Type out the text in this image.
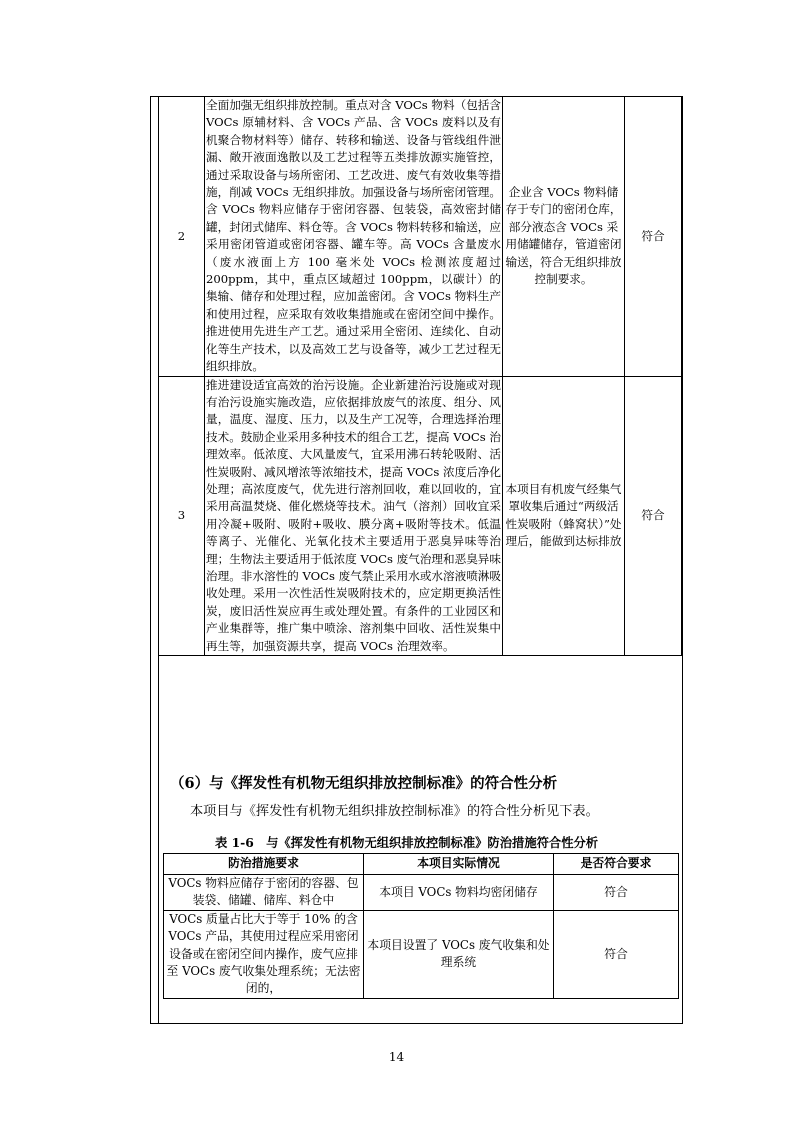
2	全面加强无组织排放控制。重点对含 VOCs 物料（包括含 VOCs 原辅材料、含 VOCs 产品、含 VOCs 废料以及有机聚合物材料等）储存、转移和输送、设备与管线组件泄漏、敞开液面逸散以及工艺过程等五类排放源实施管控，通过采取设备与场所密闭、工艺改进、废气有效收集等措施，削减 VOCs 无组织排放。加强设备与场所密闭管理。含 VOCs 物料应储存于密闭容器、包装袋，高效密封储罐，封闭式储库、料仓等。含 VOCs 物料转移和输送，应采用密闭管道或密闭容器、罐车等。高 VOCs 含量废水（废水液面上方 100 毫米处 VOCs 检测浓度超过 200ppm，其中，重点区域超过 100ppm，以碳计）的集输、储存和处理过程，应加盖密闭。含 VOCs 物料生产和使用过程，应采取有效收集措施或在密闭空间中操作。推进使用先进生产工艺。通过采用全密闭、连续化、自动化等生产技术，以及高效工艺与设备等，减少工艺过程无组织排放。	企业含 VOCs 物料储存于专门的密闭仓库，部分液态含 VOCs 采用储罐储存，管道密闭输送，符合无组织排放控制要求。	符合
3	推进建设适宜高效的治污设施。企业新建治污设施或对现有治污设施实施改造，应依据排放废气的浓度、组分、风量，温度、湿度、压力，以及生产工况等，合理选择治理技术。鼓励企业采用多种技术的组合工艺，提高 VOCs 治理效率。低浓度、大风量废气，宜采用沸石转轮吸附、活性炭吸附、减风增浓等浓缩技术，提高 VOCs 浓度后净化处理；高浓度废气，优先进行溶剂回收，难以回收的，宜采用高温焚烧、催化燃烧等技术。油气（溶剂）回收宜采用冷凝+吸附、吸附+吸收、膜分离+吸附等技术。低温等离子、光催化、光氧化技术主要适用于恶臭异味等治理；生物法主要适用于低浓度 VOCs 废气治理和恶臭异味治理。非水溶性的 VOCs 废气禁止采用水或水溶液喷淋吸收处理。采用一次性活性炭吸附技术的，应定期更换活性炭，废旧活性炭应再生或处理处置。有条件的工业园区和产业集群等，推广集中喷涂、溶剂集中回收、活性炭集中再生等，加强资源共享，提高 VOCs 治理效率。	本项目有机废气经集气罩收集后通过“两级活性炭吸附（蜂窝状）”处理后，能做到达标排放	符合
（6）与《挥发性有机物无组织排放控制标准》的符合性分析
本项目与《挥发性有机物无组织排放控制标准》的符合性分析见下表。
表 1-6　与《挥发性有机物无组织排放控制标准》防治措施符合性分析
防治措施要求	本项目实际情况	是否符合要求
VOCs 物料应储存于密闭的容器、包装袋、储罐、储库、料仓中	本项目 VOCs 物料均密闭储存	符合
VOCs 质量占比大于等于 10% 的含 VOCs 产品，其使用过程应采用密闭设备或在密闭空间内操作，废气应排至 VOCs 废气收集处理系统；无法密闭的，	本项目设置了 VOCs 废气收集和处理系统	符合
14
